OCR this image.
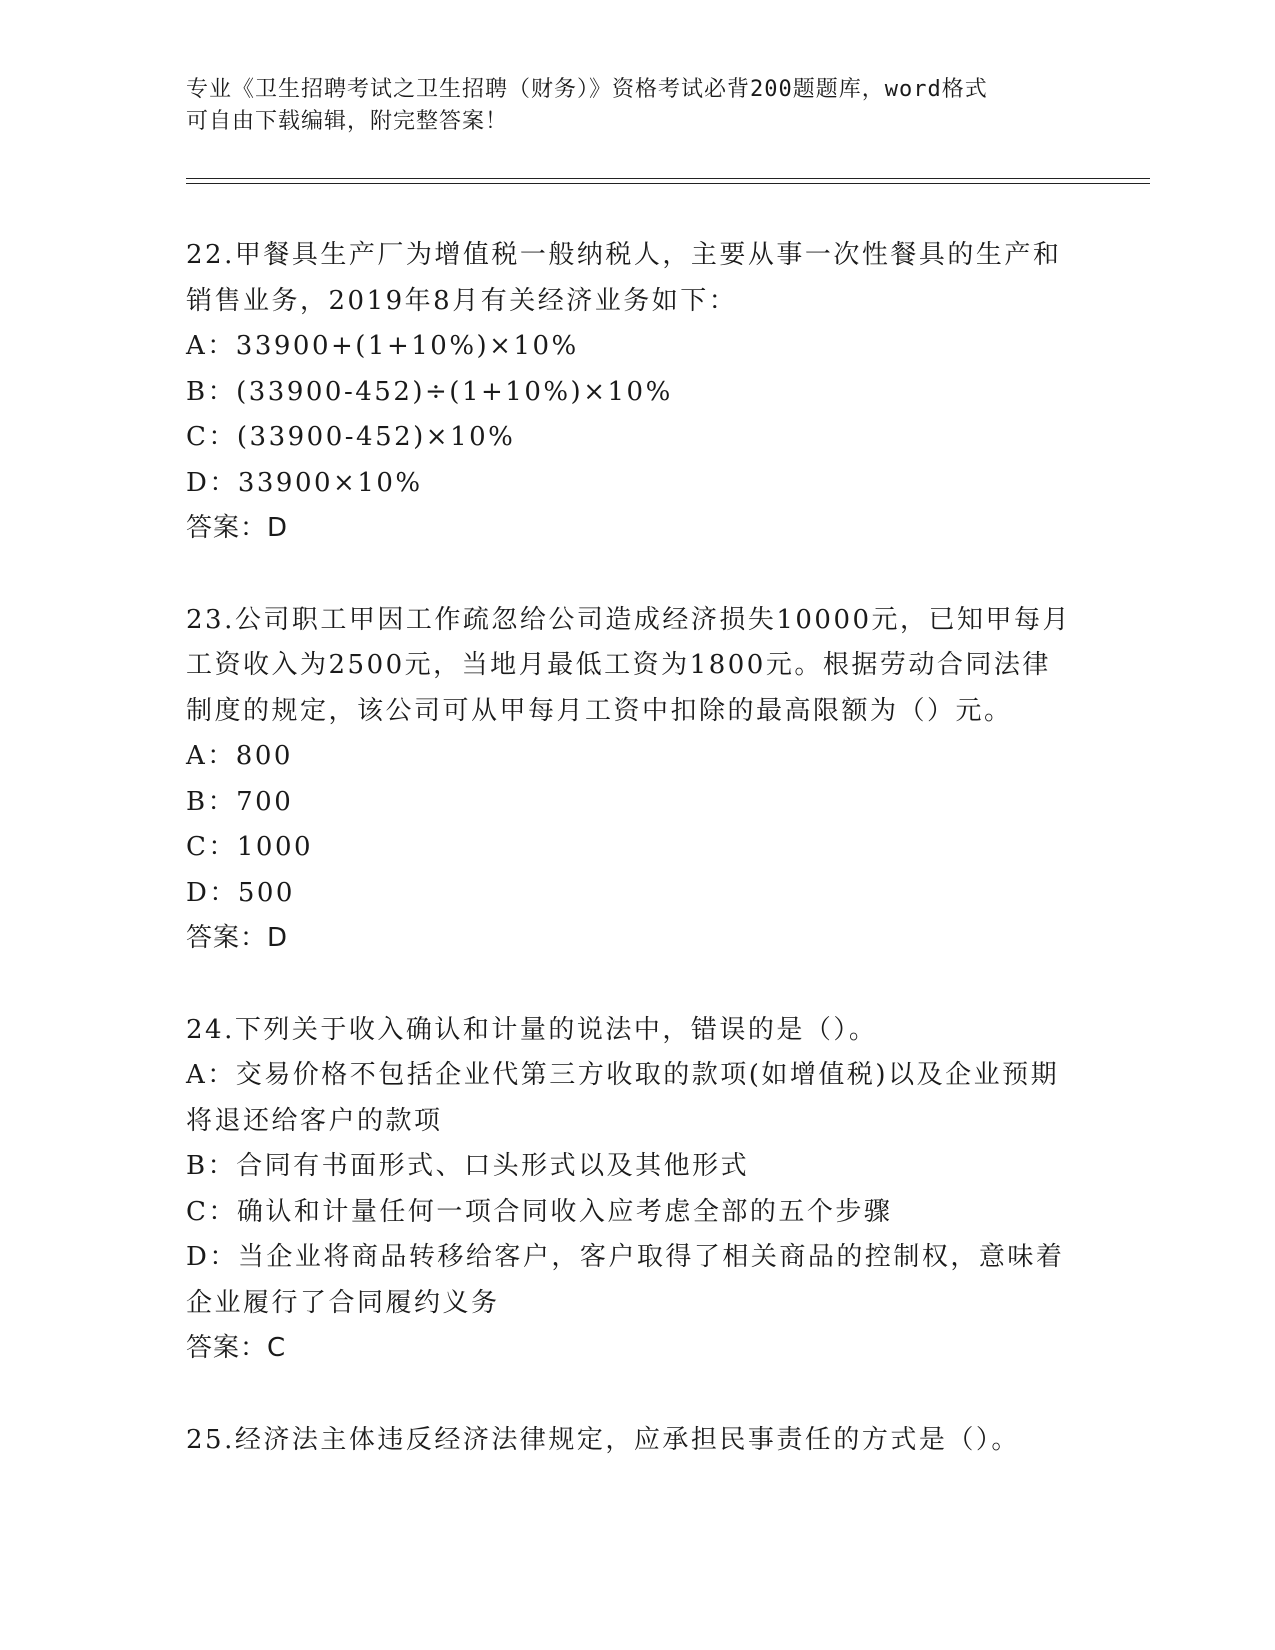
专业《卫生招聘考试之卫生招聘（财务）》资格考试必背200题题库，word格式
可自由下载编辑，附完整答案！
22.甲餐具生产厂为增值税一般纳税人，主要从事一次性餐具的生产和
销售业务，2019年8月有关经济业务如下：
A：33900+(1+10%)×10%
B：(33900-452)÷(1+10%)×10%
C：(33900-452)×10%
D：33900×10%
答案：D
23.公司职工甲因工作疏忽给公司造成经济损失10000元，已知甲每月
工资收入为2500元，当地月最低工资为1800元。根据劳动合同法律
制度的规定，该公司可从甲每月工资中扣除的最高限额为（）元。
A：800
B：700
C：1000
D：500
答案：D
24.下列关于收入确认和计量的说法中，错误的是（）。
A：交易价格不包括企业代第三方收取的款项(如增值税)以及企业预期
将退还给客户的款项
B：合同有书面形式、口头形式以及其他形式
C：确认和计量任何一项合同收入应考虑全部的五个步骤
D：当企业将商品转移给客户，客户取得了相关商品的控制权，意味着
企业履行了合同履约义务
答案：C
25.经济法主体违反经济法律规定，应承担民事责任的方式是（）。
